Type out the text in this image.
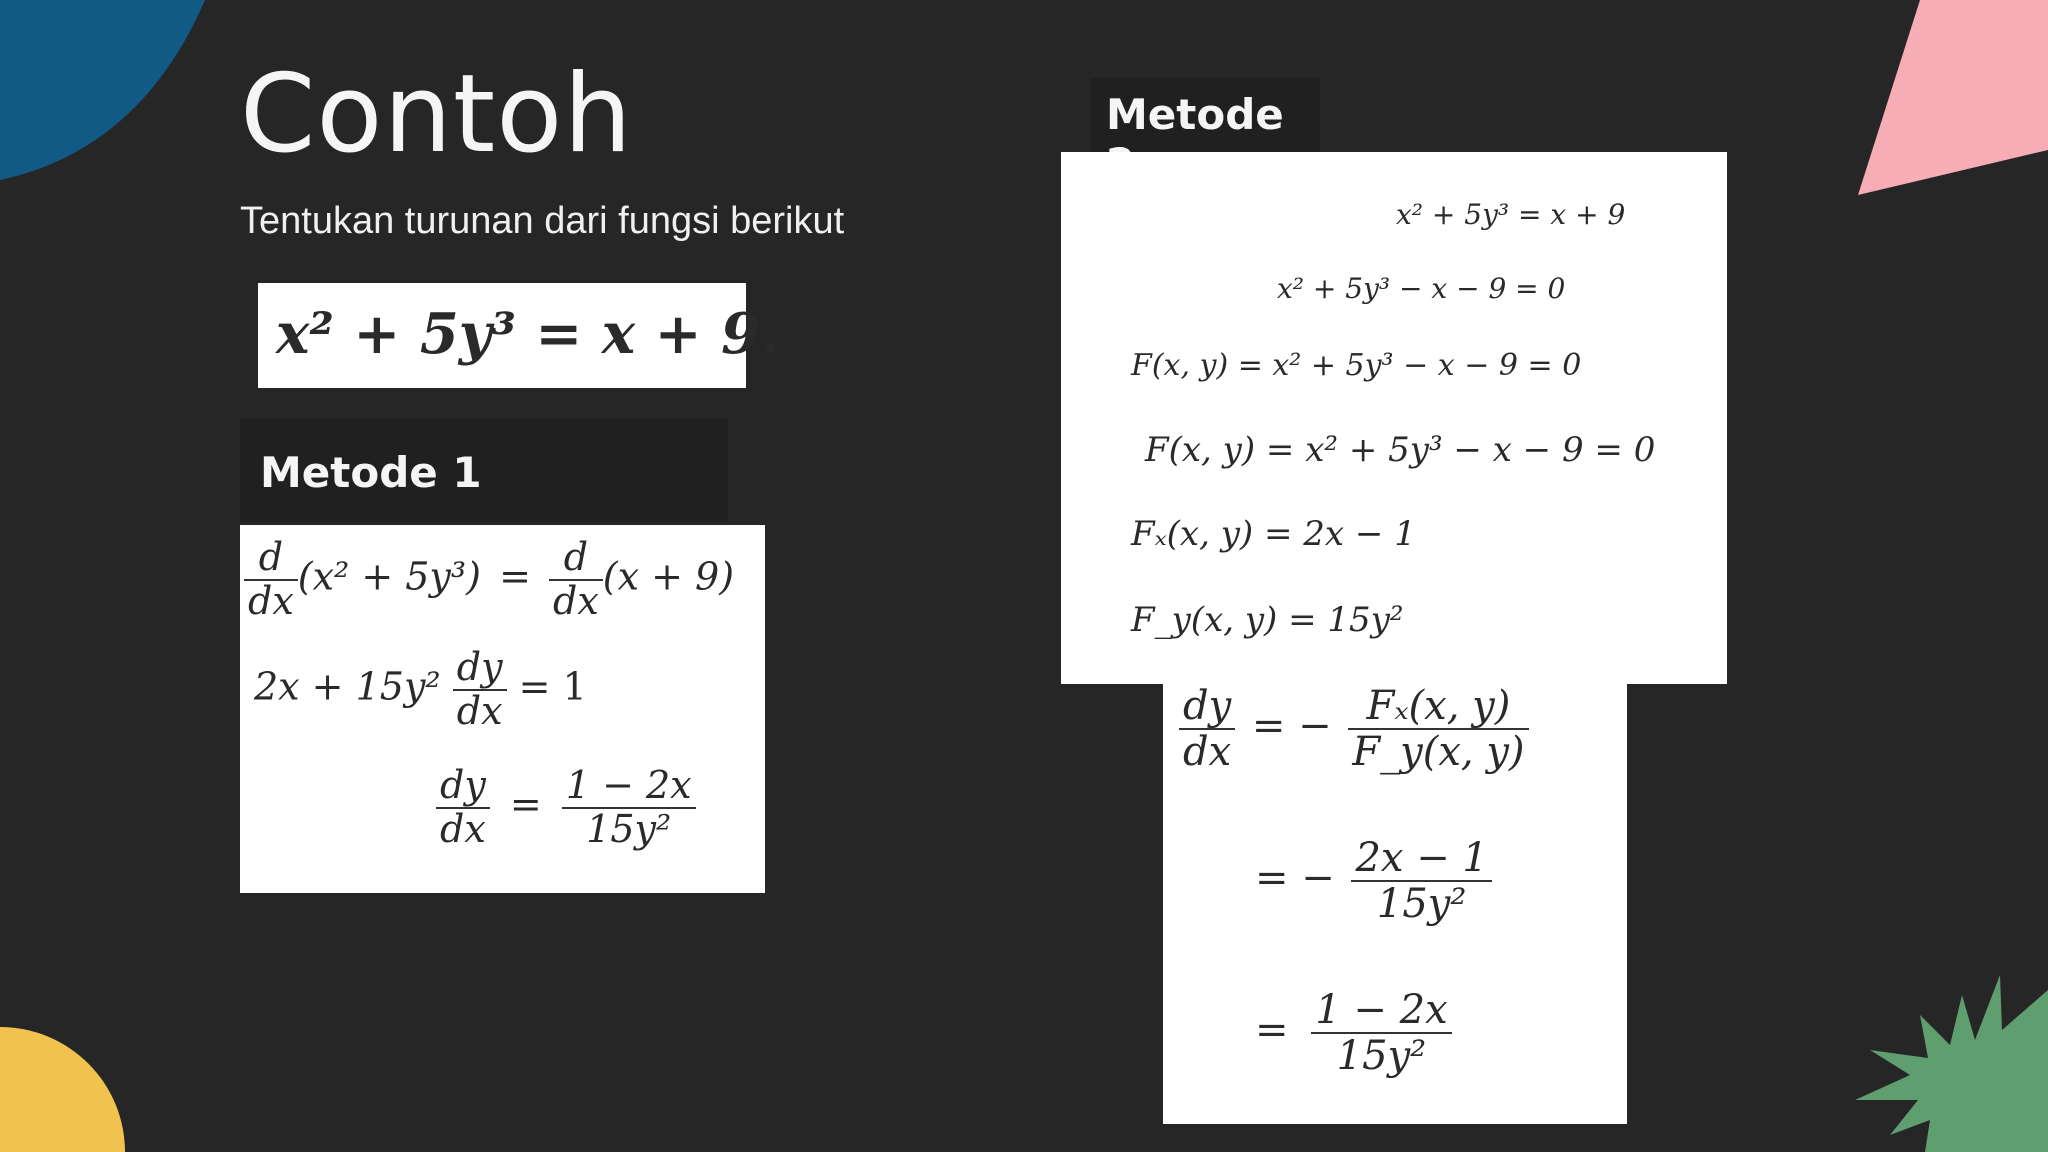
Contoh
Tentukan turunan dari fungsi berikut
x² + 5y³ = x + 9.
Metode 1
$\frac{d}{dx} (x^2 + 5y^3) = \frac{d}{dx} (x + 9)$
$2x + 15y^2 \frac{dy}{dx} = 1$
$\frac{dy}{dx} = \frac{1 - 2x}{\text{15y²}}$
Metode
x² + 5y³ = x + 9
x² + 5y³ − x − 9 = 0
F(x, y) = x² + 5y³ − x − 9 = 0
F(x, y) = x² + 5y³ − x − 9 = 0
Fₓ(x, y) = 2x − 1
F_y(x, y) = 15y²
$\frac{dy}{dx}$ = − $\frac{\text{Fₓ(x, y)}}{F\_y(x, y)}$
= − $\frac{2x - 1}{\text{15y²}}$
= $\frac{1 - 2x}{\text{15y²}}$
